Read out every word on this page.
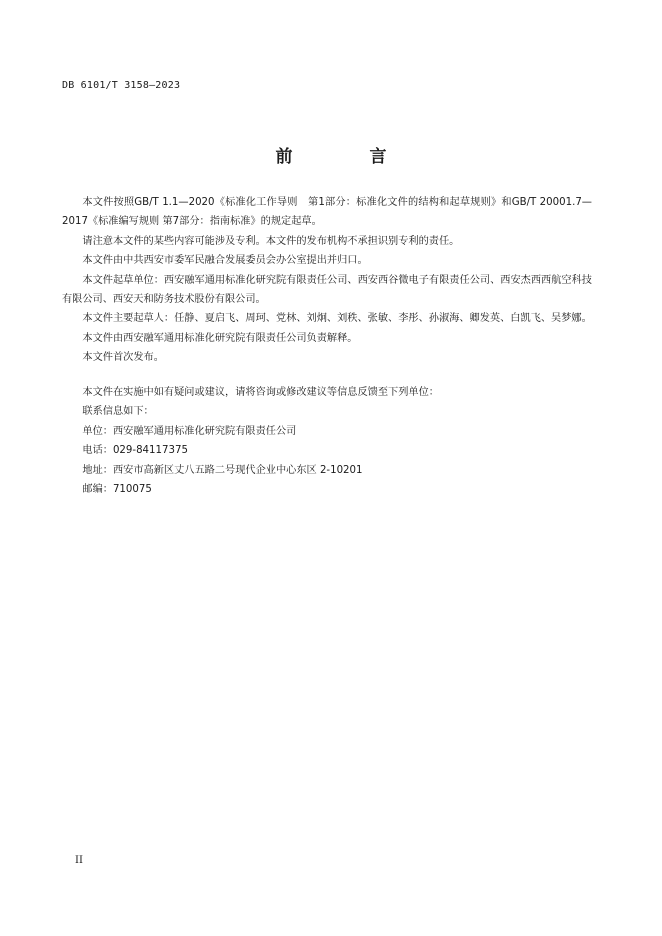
DB 6101/T 3158—2023
前　言

本文件按照GB/T 1.1—2020《标准化工作导则　第1部分：标准化文件的结构和起草规则》和GB/T 20001.7—2017《标准编写规则 第7部分：指南标准》的规定起草。

请注意本文件的某些内容可能涉及专利。本文件的发布机构不承担识别专利的责任。

本文件由中共西安市委军民融合发展委员会办公室提出并归口。

本文件起草单位：西安融军通用标准化研究院有限责任公司、西安西谷微电子有限责任公司、西安杰西西航空科技有限公司、西安天和防务技术股份有限公司。

本文件主要起草人：任静、夏启飞、周珂、党林、刘炯、刘秩、张敏、李彤、孙淑海、卿发英、白凯飞、吴梦娜。

本文件由西安融军通用标准化研究院有限责任公司负责解释。

本文件首次发布。

本文件在实施中如有疑问或建议，请将咨询或修改建议等信息反馈至下列单位：

联系信息如下：

单位：西安融军通用标准化研究院有限责任公司

电话：029-84117375

地址：西安市高新区丈八五路二号现代企业中心东区 2-10201

邮编：710075

II
